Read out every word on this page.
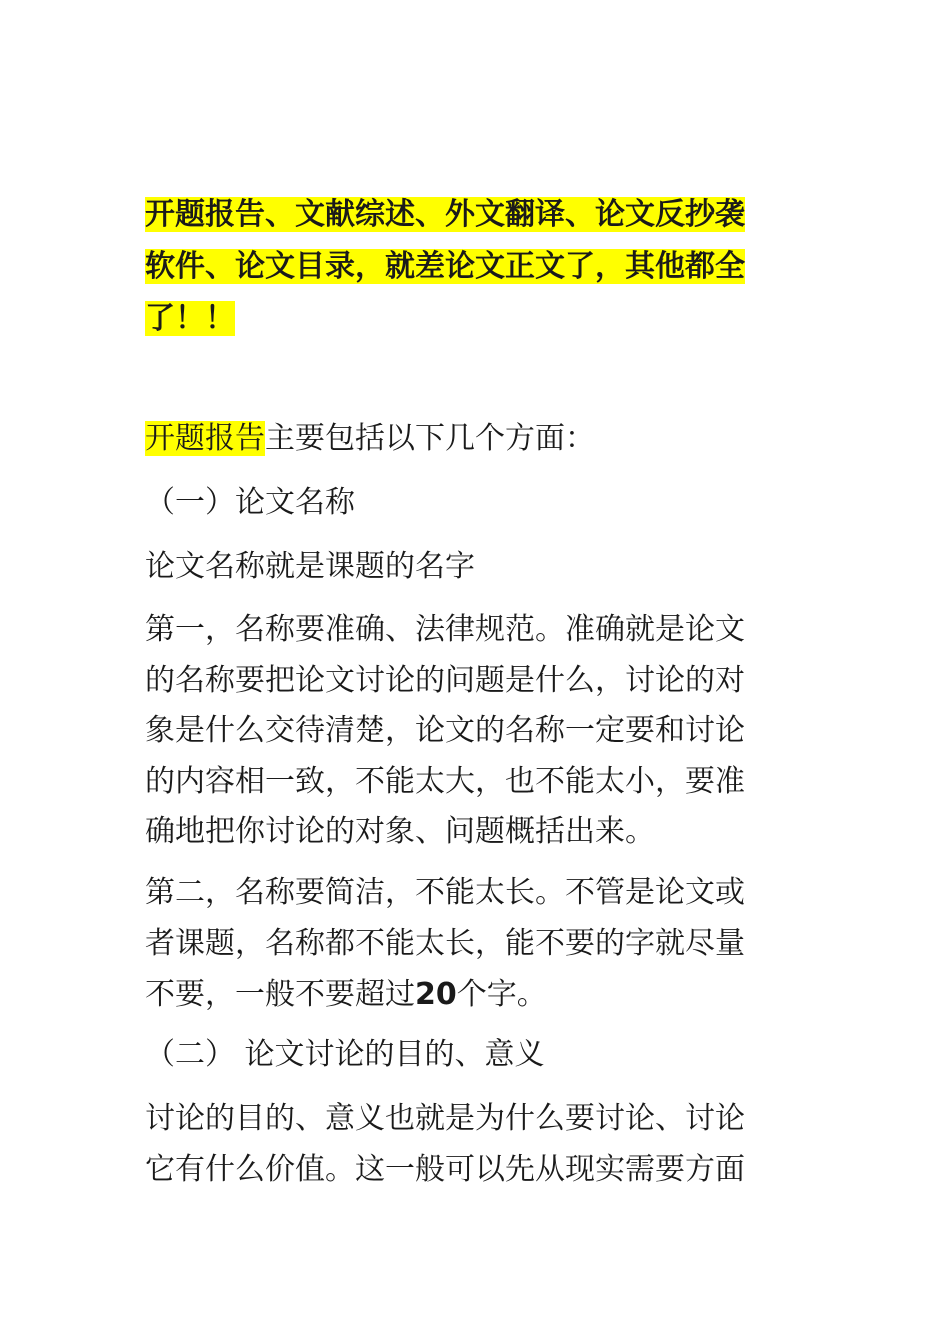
开题报告、文献综述、外文翻译、论文反抄袭
软件、论文目录，就差论文正文了，其他都全
了！！
开题报告主要包括以下几个方面：
（一）论文名称
论文名称就是课题的名字
第一，名称要准确、法律规范。准确就是论文
的名称要把论文讨论的问题是什么，讨论的对
象是什么交待清楚，论文的名称一定要和讨论
的内容相一致，不能太大，也不能太小，要准
确地把你讨论的对象、问题概括出来。
第二，名称要简洁，不能太长。不管是论文或
者课题，名称都不能太长，能不要的字就尽量
不要，一般不要超过20个字。
（二） 论文讨论的目的、意义
讨论的目的、意义也就是为什么要讨论、讨论
它有什么价值。这一般可以先从现实需要方面
